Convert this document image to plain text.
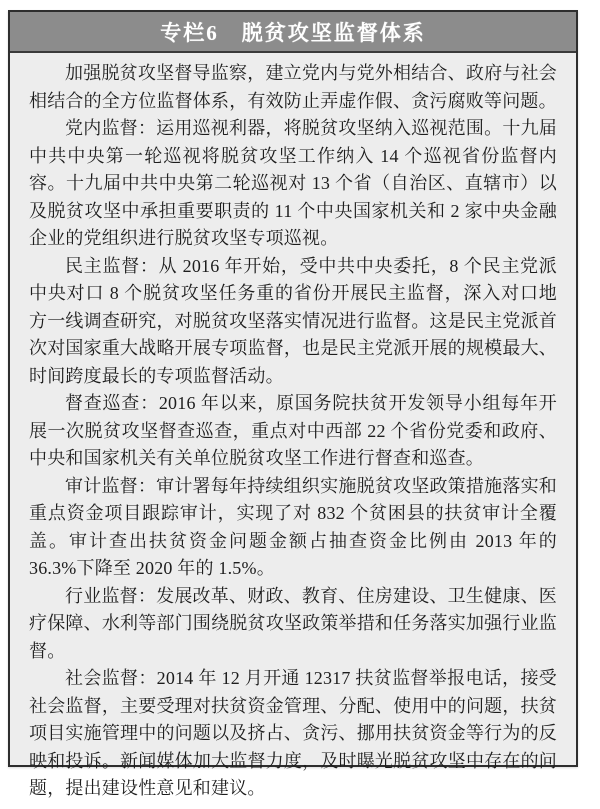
专栏6　脱贫攻坚监督体系

加强脱贫攻坚督导监察，建立党内与党外相结合、政府与社会相结合的全方位监督体系，有效防止弄虚作假、贪污腐败等问题。

党内监督：运用巡视利器，将脱贫攻坚纳入巡视范围。十九届中共中央第一轮巡视将脱贫攻坚工作纳入 14 个巡视省份监督内容。十九届中共中央第二轮巡视对 13 个省（自治区、直辖市）以及脱贫攻坚中承担重要职责的 11 个中央国家机关和 2 家中央金融企业的党组织进行脱贫攻坚专项巡视。

民主监督：从 2016 年开始，受中共中央委托，8 个民主党派中央对口 8 个脱贫攻坚任务重的省份开展民主监督，深入对口地方一线调查研究，对脱贫攻坚落实情况进行监督。这是民主党派首次对国家重大战略开展专项监督，也是民主党派开展的规模最大、时间跨度最长的专项监督活动。

督查巡查：2016 年以来，原国务院扶贫开发领导小组每年开展一次脱贫攻坚督查巡查，重点对中西部 22 个省份党委和政府、中央和国家机关有关单位脱贫攻坚工作进行督查和巡查。

审计监督：审计署每年持续组织实施脱贫攻坚政策措施落实和重点资金项目跟踪审计，实现了对 832 个贫困县的扶贫审计全覆盖。审计查出扶贫资金问题金额占抽查资金比例由 2013 年的 36.3%下降至 2020 年的 1.5%。

行业监督：发展改革、财政、教育、住房建设、卫生健康、医疗保障、水利等部门围绕脱贫攻坚政策举措和任务落实加强行业监督。

社会监督：2014 年 12 月开通 12317 扶贫监督举报电话，接受社会监督，主要受理对扶贫资金管理、分配、使用中的问题，扶贫项目实施管理中的问题以及挤占、贪污、挪用扶贫资金等行为的反映和投诉。新闻媒体加大监督力度，及时曝光脱贫攻坚中存在的问题，提出建设性意见和建议。
